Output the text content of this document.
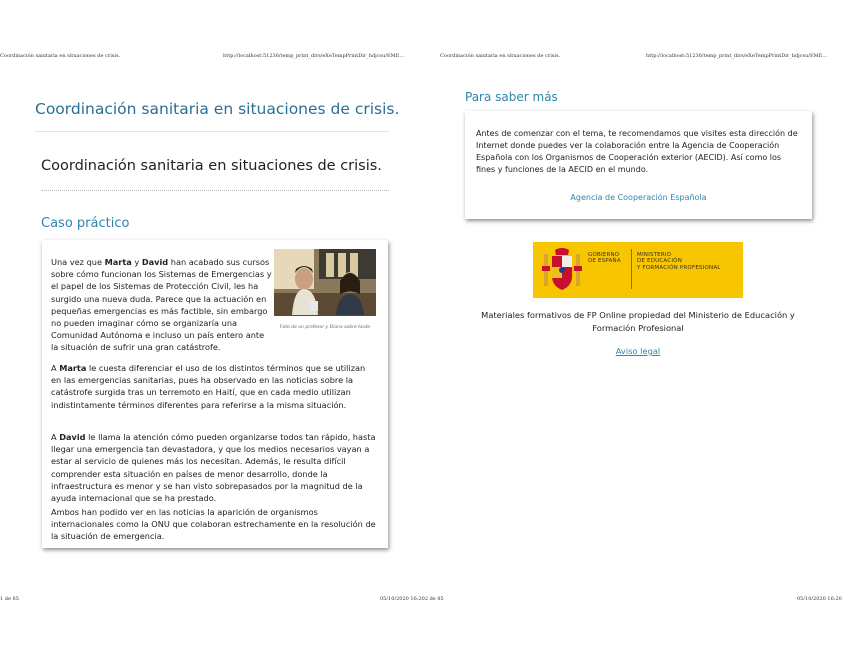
Coordinación sanitaria en situaciones de crisis.	http://localhost:51236/temp_print_dirs/eXeTempPrintDir_hdjcsu/EME...	Coordinación sanitaria en situaciones de crisis.	http://localhost:51236/temp_print_dirs/eXeTempPrintDir_hdjcsu/EME...
1 de 85	05/10/2020 16:202 de 85	05/10/2020 16:20
Coordinación sanitaria en situaciones de crisis.
Coordinación sanitaria en situaciones de crisis.
Caso práctico

Una vez que Marta y David han acabado sus cursos sobre cómo funcionan los Sistemas de Emergencias y el papel de los Sistemas de Protección Civil, les ha surgido una nueva duda. Parece que la actuación en pequeñas emergencias es más factible, sin embargo no pueden imaginar cómo se organizaría una Comunidad Autónoma e incluso un país entero ante la situación de sufrir una gran catástrofe.

Foto de un profesor y Diana sobre tarde

A Marta le cuesta diferenciar el uso de los distintos términos que se utilizan en las emergencias sanitarias, pues ha observado en las noticias sobre la catástrofe surgida tras un terremoto en Haití, que en cada medio utilizan indistintamente términos diferentes para referirse a la misma situación.

A David le llama la atención cómo pueden organizarse todos tan rápido, hasta llegar una emergencia tan devastadora, y que los medios necesarios vayan a estar al servicio de quienes más los necesitan. Además, le resulta difícil comprender esta situación en países de menor desarrollo, donde la infraestructura es menor y se han visto sobrepasados por la magnitud de la ayuda internacional que se ha prestado.

Ambos han podido ver en las noticias la aparición de organismos internacionales como la ONU que colaboran estrechamente en la resolución de la situación de emergencia.

Para saber más

Antes de comenzar con el tema, te recomendamos que visites esta dirección de Internet donde puedes ver la colaboración entre la Agencia de Cooperación Española con los Organismos de Cooperación exterior (AECID). Así como los fines y funciones de la AECID en el mundo.

Agencia de Cooperación Española
GOBIERNO
DE ESPAÑA
MINISTERIO
DE EDUCACIÓN
Y FORMACIÓN PROFESIONAL
Materiales formativos de FP Online propiedad del Ministerio de Educación y Formación Profesional
Aviso legal
